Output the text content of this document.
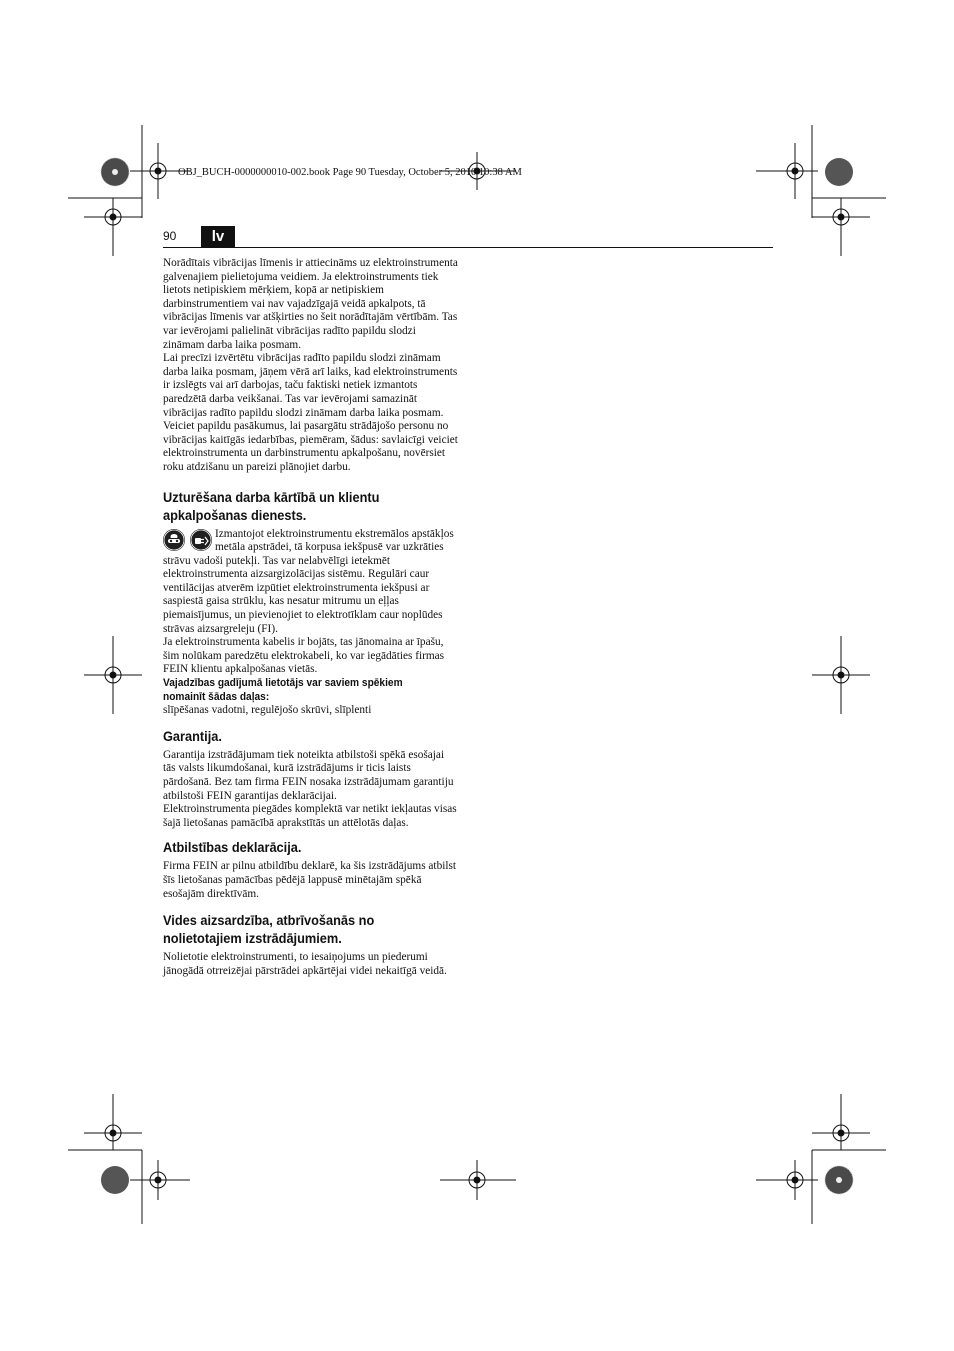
OBJ_BUCH-0000000010-002.book Page 90 Tuesday, October 5, 2010 10:38 AM
90	lv

Norādītais vibrācijas līmenis ir attiecināms uz elektroinstrumenta galvenajiem pielietojuma veidiem. Ja elektroinstruments tiek lietots netipiskiem mērķiem, kopā ar netipiskiem darbinstrumentiem vai nav vajadzīgajā veidā apkalpots, tā vibrācijas līmenis var atšķirties no šeit norādītajām vērtībām. Tas var ievērojami palielināt vibrācijas radīto papildu slodzi zināmam darba laika posmam.

Lai precīzi izvērtētu vibrācijas radīto papildu slodzi zināmam darba laika posmam, jāņem vērā arī laiks, kad elektroinstruments ir izslēgts vai arī darbojas, taču faktiski netiek izmantots paredzētā darba veikšanai. Tas var ievērojami samazināt vibrācijas radīto papildu slodzi zināmam darba laika posmam.

Veiciet papildu pasākumus, lai pasargātu strādājošo personu no vibrācijas kaitīgās iedarbības, piemēram, šādus: savlaicīgi veiciet elektroinstrumenta un darbinstrumentu apkalpošanu, novērsiet roku atdzišanu un pareizi plānojiet darbu.

Uzturēšana darba kārtībā un klientu
apkalpošanas dienests.

Izmantojot elektroinstrumentu ekstremālos apstākļos metāla apstrādei, tā korpusa iekšpusē var uzkrāties strāvu vadoši putekļi. Tas var nelabvēlīgi ietekmēt elektroinstrumenta aizsargizolācijas sistēmu. Regulāri caur ventilācijas atverēm izpūtiet elektroinstrumenta iekšpusi ar saspiestā gaisa strūklu, kas nesatur mitrumu un eļļas piemaisījumus, un pievienojiet to elektrotīklam caur noplūdes strāvas aizsargreleju (FI).

Ja elektroinstrumenta kabelis ir bojāts, tas jānomaina ar īpašu, šim nolūkam paredzētu elektrokabeli, ko var iegādāties firmas FEIN klientu apkalpošanas vietās.

Vajadzības gadījumā lietotājs var saviem spēkiem

nomainīt šādas daļas:

slīpēšanas vadotni, regulējošo skrūvi, slīplenti

Garantija.

Garantija izstrādājumam tiek noteikta atbilstoši spēkā esošajai tās valsts likumdošanai, kurā izstrādājums ir ticis laists pārdošanā. Bez tam firma FEIN nosaka izstrādājumam garantiju atbilstoši FEIN garantijas deklarācijai.

Elektroinstrumenta piegādes komplektā var netikt iekļautas visas šajā lietošanas pamācībā aprakstītās un attēlotās daļas.

Atbilstības deklarācija.

Firma FEIN ar pilnu atbildību deklarē, ka šis izstrādājums atbilst šīs lietošanas pamācības pēdējā lappusē minētajām spēkā esošajām direktīvām.

Vides aizsardzība, atbrīvošanās no
nolietotajiem izstrādājumiem.

Nolietotie elektroinstrumenti, to iesaiņojums un piederumi jānogādā otrreizējai pārstrādei apkārtējai videi nekaitīgā veidā.
